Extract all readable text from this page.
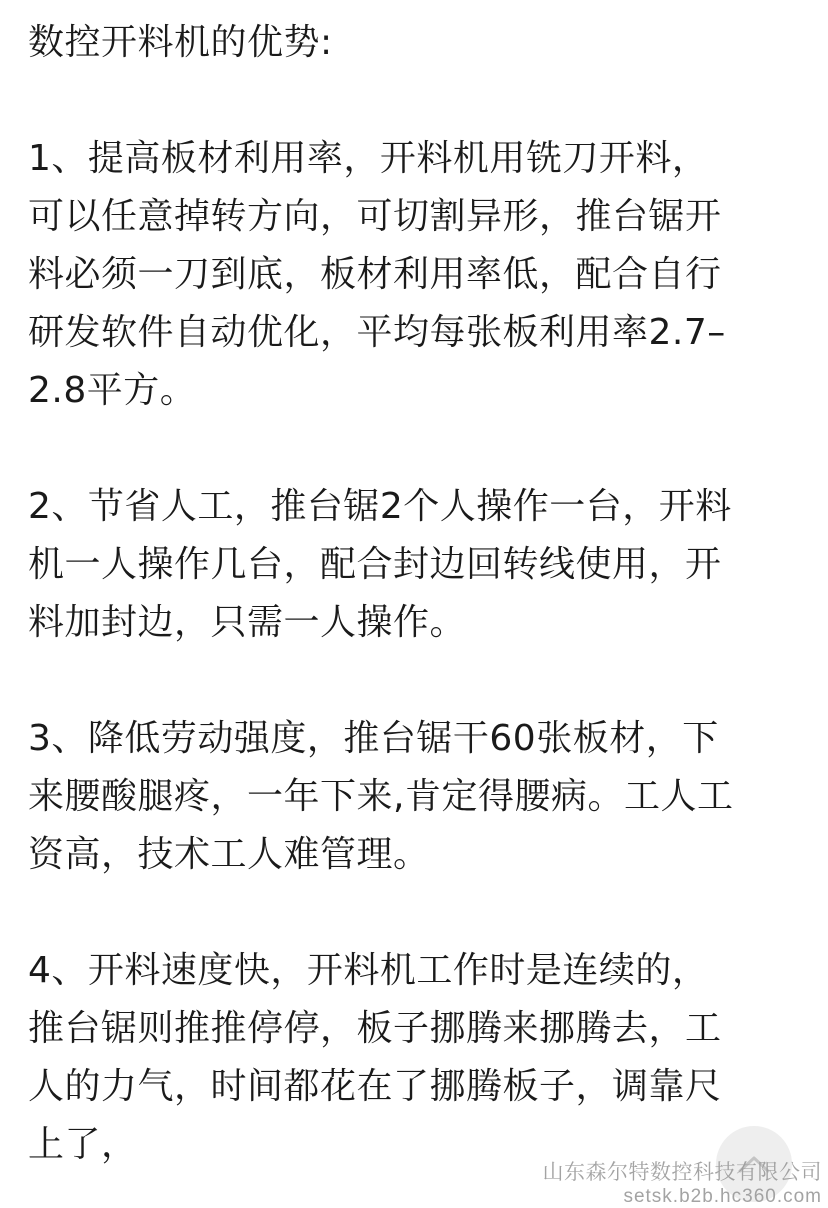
数控开料机的优势:
1、提高板材利用率，开料机用铣刀开料，
可以任意掉转方向，可切割异形，推台锯开
料必须一刀到底，板材利用率低，配合自行
研发软件自动优化，平均每张板利用率2.7–
2.8平方。
2、节省人工，推台锯2个人操作一台，开料
机一人操作几台，配合封边回转线使用，开
料加封边，只需一人操作。
3、降低劳动强度，推台锯干60张板材，下
来腰酸腿疼，一年下来,肯定得腰病。工人工
资高，技术工人难管理。
4、开料速度快，开料机工作时是连续的，
推台锯则推推停停，板子挪腾来挪腾去，工
人的力气，时间都花在了挪腾板子，调靠尺
上了，
山东森尔特数控科技有限公司
setsk.b2b.hc360.com
